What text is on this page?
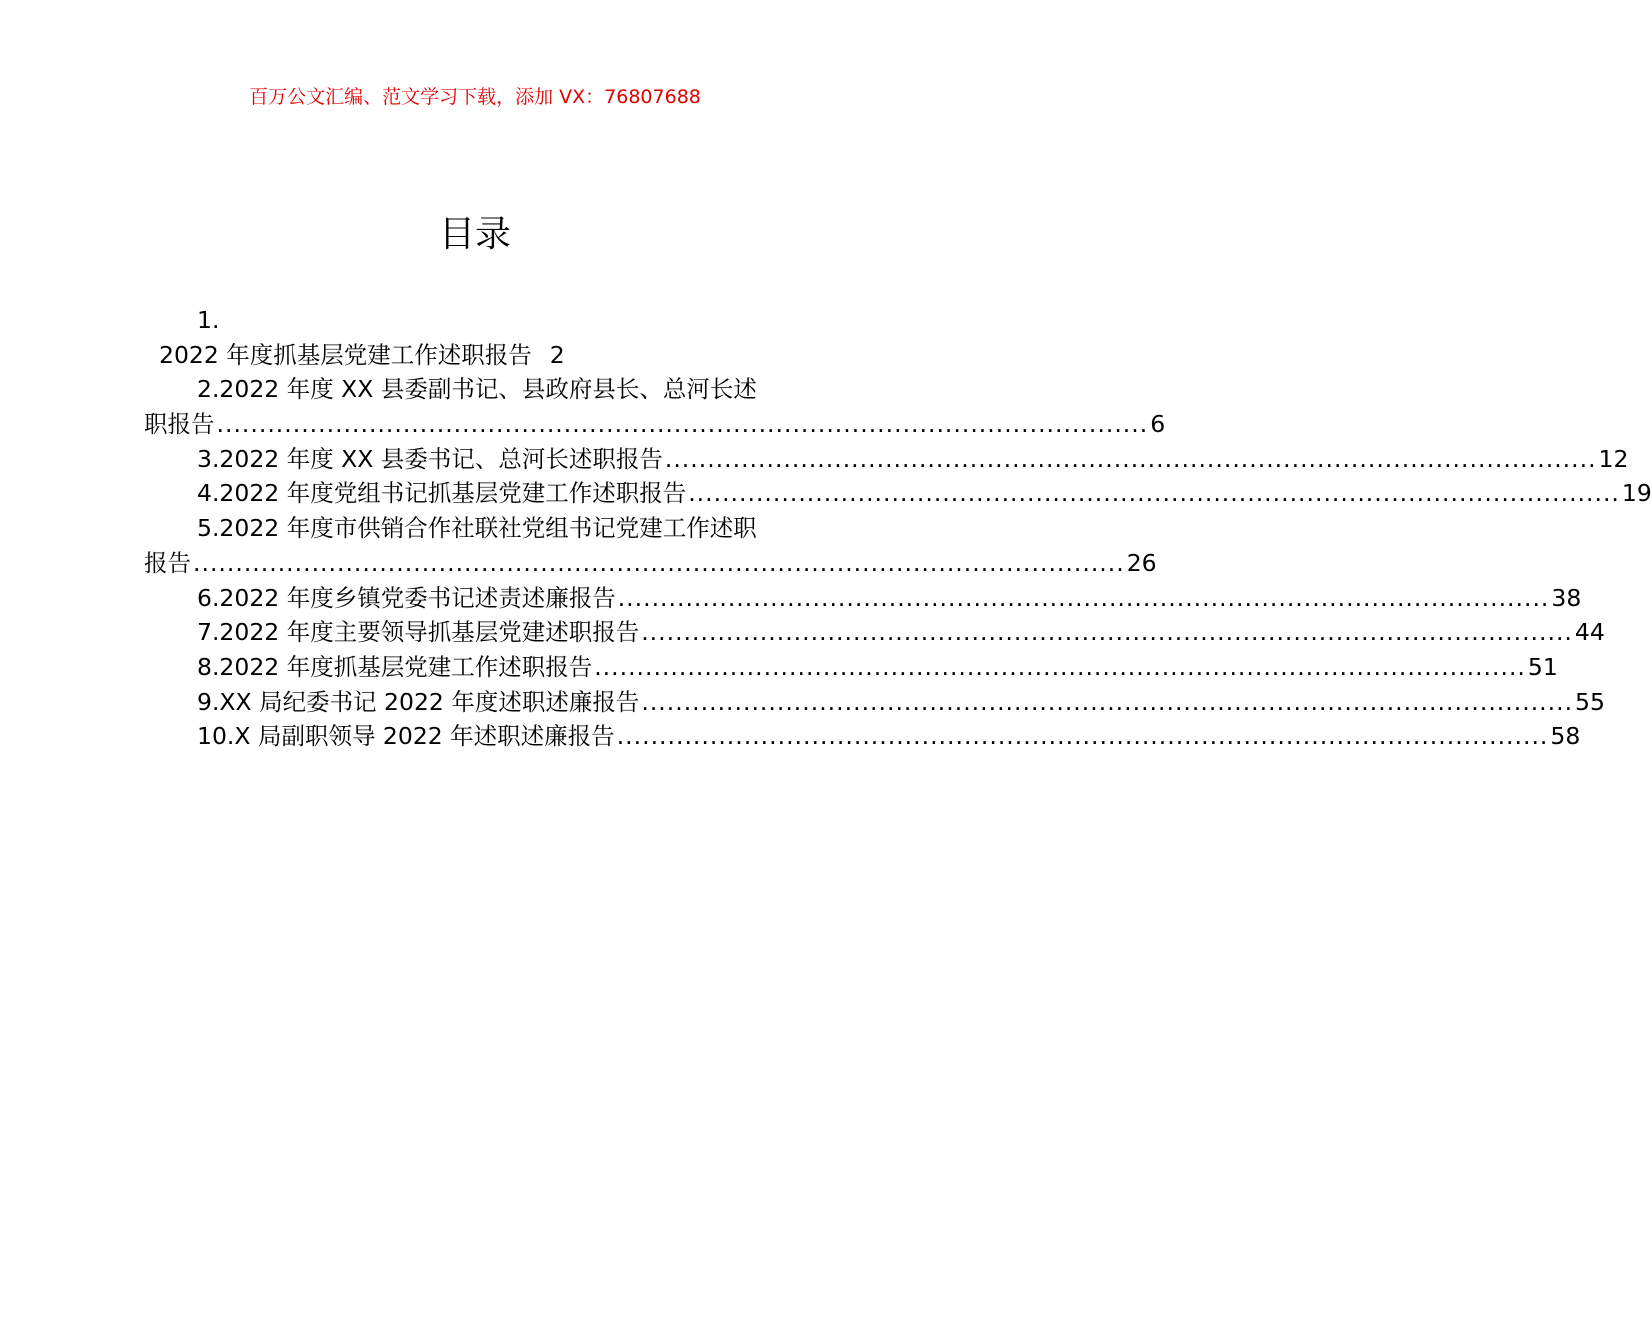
百万公文汇编、范文学习下载，添加 VX：76807688
目录
1.
2022 年度抓基层党建工作述职报告 2
2.2022 年度 XX 县委副书记、县政府县长、总河长述
职报告 .............................................................................................................. 6
3.2022 年度 XX 县委书记、总河长述职报告 .............................................................................................................. 12
4.2022 年度党组书记抓基层党建工作述职报告 .............................................................................................................. 19
5.2022 年度市供销合作社联社党组书记党建工作述职
报告 .............................................................................................................. 26
6.2022 年度乡镇党委书记述责述廉报告 .............................................................................................................. 38
7.2022 年度主要领导抓基层党建述职报告 .............................................................................................................. 44
8.2022 年度抓基层党建工作述职报告 .............................................................................................................. 51
9.XX 局纪委书记 2022 年度述职述廉报告 .............................................................................................................. 55
10.X 局副职领导 2022 年述职述廉报告 .............................................................................................................. 58
